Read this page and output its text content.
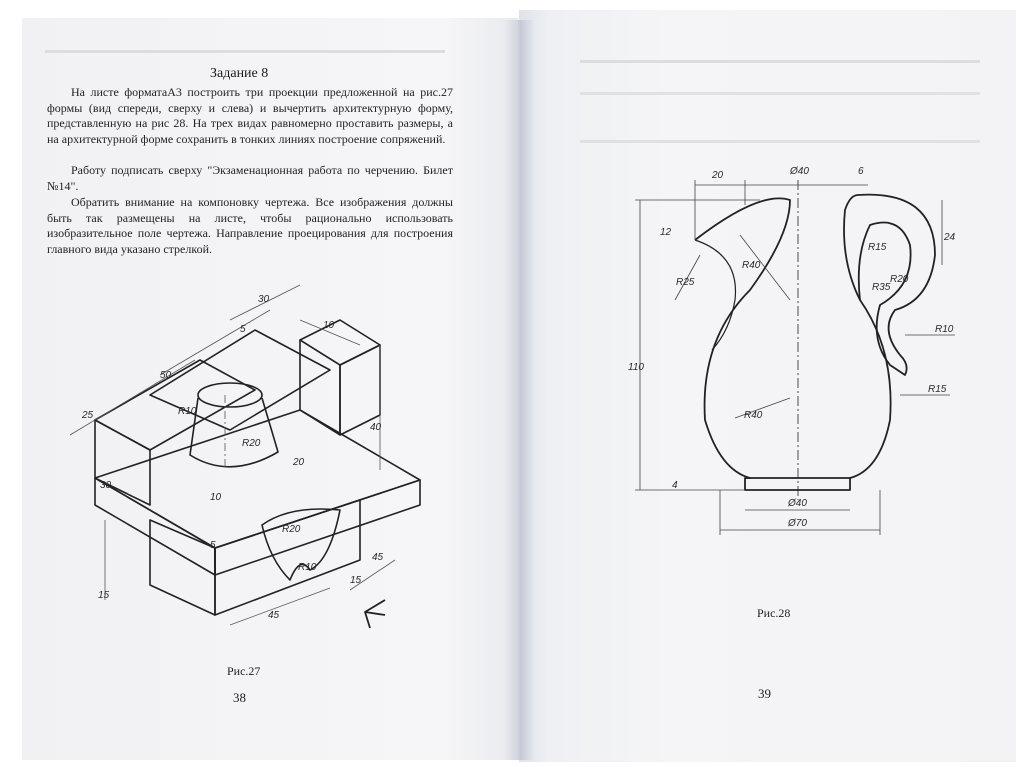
Задание 8

На листе форматаА3 построить три проекции предложенной на рис.27 формы (вид спереди, сверху и слева) и вычертить архитектурную форму, представленную на рис 28. На трех видах равномерно проставить размеры, а на архитектурной форме сохранить в тонких линиях построение сопряжений.

Работу подписать сверху "Экзаменационная работа по черчению. Билет №14".

Обратить внимание на компоновку чертежа. Все изображения должны быть так размещены на листе, чтобы рационально использовать изобразительное поле чертежа. Направление проецирования для построения главного вида указано стрелкой.

Рис.27
38
Рис.28
39
30
5	10
50
25	R10
R20
20
40
30
10
5
R20
R10
45
15
45
15
20	Ø40	6
12	24
R25
R40
R15
R20
R35
R10
110
R15
R40
4
Ø40
Ø70
